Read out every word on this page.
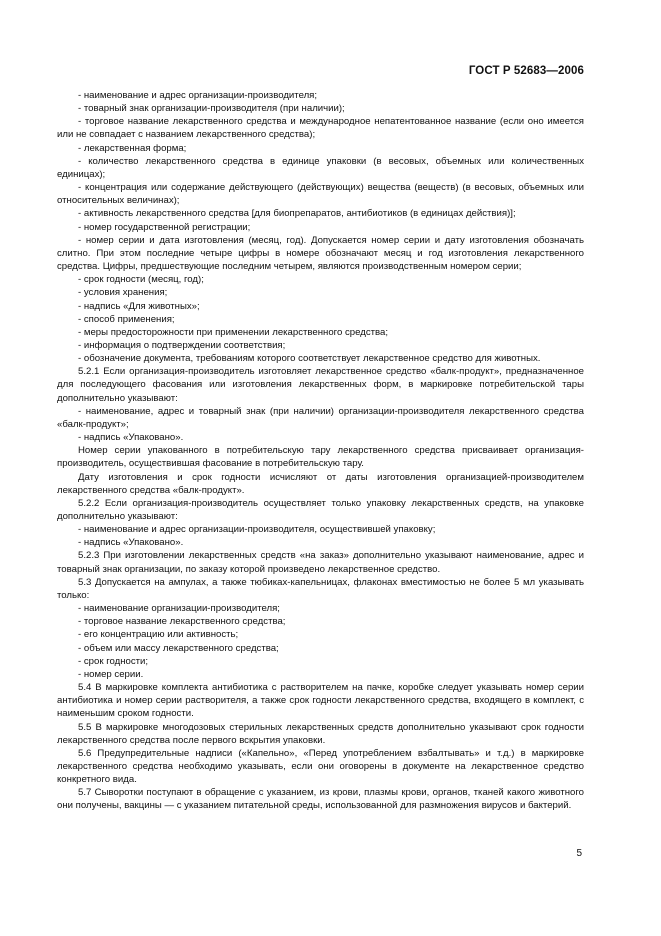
ГОСТ Р 52683—2006

- наименование и адрес организации-производителя;

- товарный знак организации-производителя (при наличии);

- торговое название лекарственного средства и международное непатентованное название (если оно имеется или не совпадает с названием лекарственного средства);

- лекарственная форма;

- количество лекарственного средства в единице упаковки (в весовых, объемных или количественных единицах);

- концентрация или содержание действующего (действующих) вещества (веществ) (в весовых, объемных или относительных величинах);

- активность лекарственного средства [для биопрепаратов, антибиотиков (в единицах действия)];

- номер государственной регистрации;

- номер серии и дата изготовления (месяц, год). Допускается номер серии и дату изготовления обозначать слитно. При этом последние четыре цифры в номере обозначают месяц и год изготовления лекарственного средства. Цифры, предшествующие последним четырем, являются производственным номером серии;

- срок годности (месяц, год);

- условия хранения;

- надпись «Для животных»;

- способ применения;

- меры предосторожности при применении лекарственного средства;

- информация о подтверждении соответствия;

- обозначение документа, требованиям которого соответствует лекарственное средство для животных.

5.2.1 Если организация-производитель изготовляет лекарственное средство «балк-продукт», предназначенное для последующего фасования или изготовления лекарственных форм, в маркировке потребительской тары дополнительно указывают:

- наименование, адрес и товарный знак (при наличии) организации-производителя лекарственного средства «балк-продукт»;

- надпись «Упаковано».

Номер серии упакованного в потребительскую тару лекарственного средства присваивает организация-производитель, осуществившая фасование в потребительскую тару.

Дату изготовления и срок годности исчисляют от даты изготовления организацией-производителем лекарственного средства «балк-продукт».

5.2.2 Если организация-производитель осуществляет только упаковку лекарственных средств, на упаковке дополнительно указывают:

- наименование и адрес организации-производителя, осуществившей упаковку;

- надпись «Упаковано».

5.2.3 При изготовлении лекарственных средств «на заказ» дополнительно указывают наименование, адрес и товарный знак организации, по заказу которой произведено лекарственное средство.

5.3 Допускается на ампулах, а также тюбиках-капельницах, флаконах вместимостью не более 5 мл указывать только:

- наименование организации-производителя;

- торговое название лекарственного средства;

- его концентрацию или активность;

- объем или массу лекарственного средства;

- срок годности;

- номер серии.

5.4 В маркировке комплекта антибиотика с растворителем на пачке, коробке следует указывать номер серии антибиотика и номер серии растворителя, а также срок годности лекарственного средства, входящего в комплект, с наименьшим сроком годности.

5.5 В маркировке многодозовых стерильных лекарственных средств дополнительно указывают срок годности лекарственного средства после первого вскрытия упаковки.

5.6 Предупредительные надписи («Капельно», «Перед употреблением взбалтывать» и т.д.) в маркировке лекарственного средства необходимо указывать, если они оговорены в документе на лекарственное средство конкретного вида.

5.7 Сыворотки поступают в обращение с указанием, из крови, плазмы крови, органов, тканей какого животного они получены, вакцины — с указанием питательной среды, использованной для размножения вирусов и бактерий.

5
